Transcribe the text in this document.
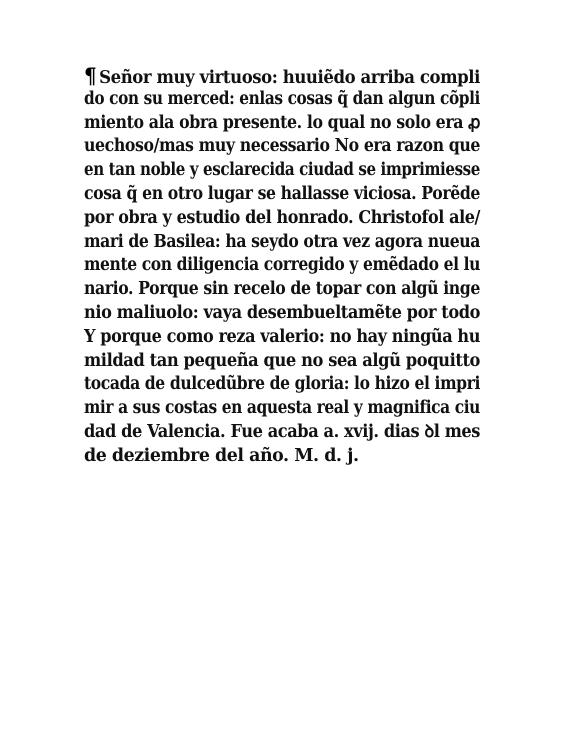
¶ Señor muy virtuoso: huuiẽdo arriba compli
do con su merced: enlas cosas q̃ dan algun cõpli
miento ala obra presente. lo qual no solo era ꝓ
uechoso/mas muy necessario No era razon que
en tan noble y esclarecida ciudad se imprimiesse
cosa q̃ en otro lugar se hallasse viciosa. Porẽde
por obra y estudio del honrado. Christofol ale/
mari de Basilea: ha seydo otra vez agora nueua
mente con diligencia corregido y emẽdado el lu
nario. Porque sin recelo de topar con algũ inge
nio maliuolo: vaya desembueltamẽte por todo
Y porque como reza valerio: no hay ningũa hu
mildad tan pequeña que no sea algũ poquitto
tocada de dulcedũbre de gloria: lo hizo el impri
mir a sus costas en aquesta real y magnifica ciu
dad de Valencia. Fue acaba a. xvij. dias ꝺl mes
de deziembre del año. M. d. j.
